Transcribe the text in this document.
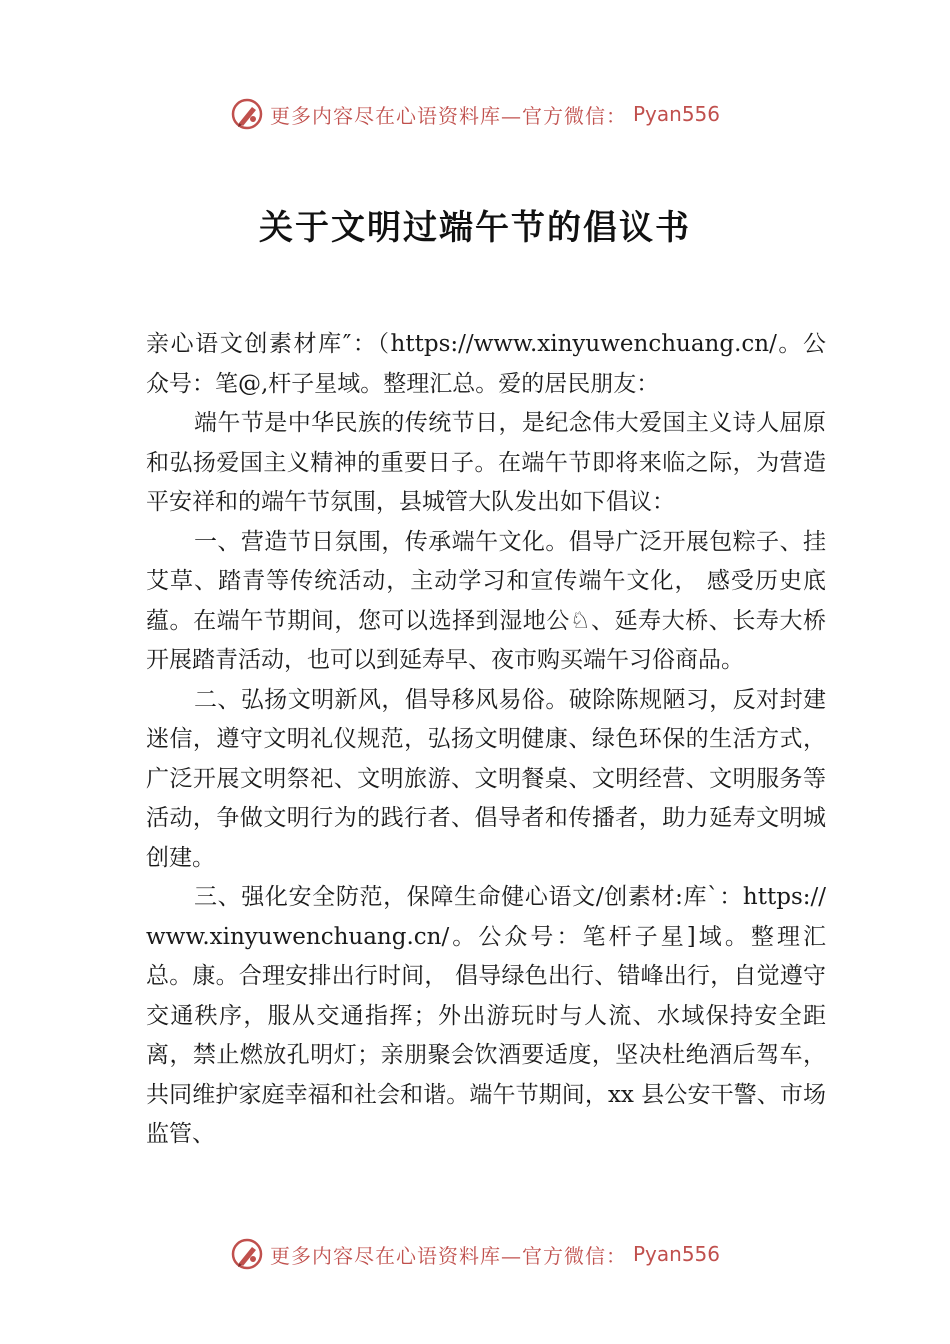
更多内容尽在心语资料库—官方微信： Pyan556
关于文明过端午节的倡议书

亲心语文创素材库″：（https://www.xinyuwenchuang.cn/。公众号：笔@,杆子星域。整理汇总。爱的居民朋友：

端午节是中华民族的传统节日，是纪念伟大爱国主义诗人屈原和弘扬爱国主义精神的重要日子。在端午节即将来临之际，为营造平安祥和的端午节氛围，县城管大队发出如下倡议：

一、营造节日氛围，传承端午文化。倡导广泛开展包粽子、挂艾草、踏青等传统活动，主动学习和宣传端午文化， 感受历史底蕴。在端午节期间，您可以选择到湿地公♘、延寿大桥、长寿大桥开展踏青活动，也可以到延寿早、夜市购买端午习俗商品。

二、弘扬文明新风，倡导移风易俗。破除陈规陋习，反对封建迷信，遵守文明礼仪规范，弘扬文明健康、绿色环保的生活方式，广泛开展文明祭祀、文明旅游、文明餐桌、文明经营、文明服务等活动，争做文明行为的践行者、倡导者和传播者，助力延寿文明城创建。

三、强化安全防范，保障生命健心语文/创素材:库`：https://www.xinyuwenchuang.cn/。公众号：笔杆子星]域。整理汇总。康。合理安排出行时间， 倡导绿色出行、错峰出行，自觉遵守交通秩序，服从交通指挥；外出游玩时与人流、水域保持安全距离，禁止燃放孔明灯；亲朋聚会饮酒要适度，坚决杜绝酒后驾车，共同维护家庭幸福和社会和谐。端午节期间，xx 县公安干警、市场监管、

更多内容尽在心语资料库—官方微信： Pyan556
